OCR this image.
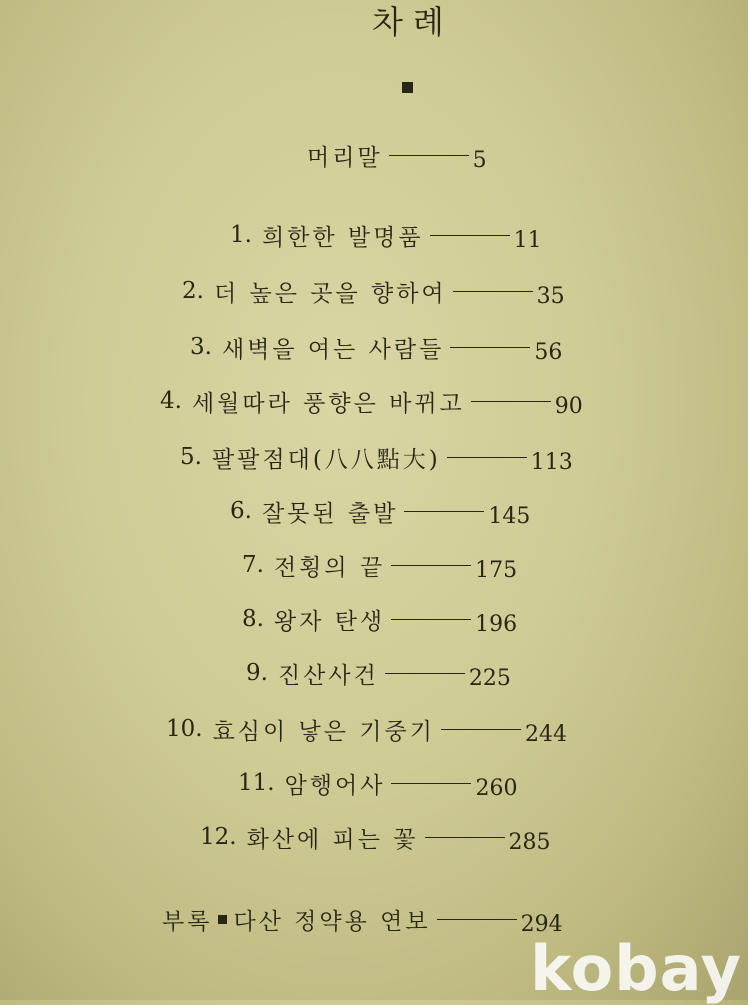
차례
머리말	5
1. 희한한 발명품	11
2. 더 높은 곳을 향하여	35
3. 새벽을 여는 사람들	56
4. 세월따라 풍향은 바뀌고	90
5. 팔팔점대(八八點大)	113
6. 잘못된 출발	145
7. 전횡의 끝	175
8. 왕자 탄생	196
9. 진산사건	225
10. 효심이 낳은 기중기	244
11. 암행어사	260
12. 화산에 피는 꽃	285
부록 다산 정약용 연보	294
kobay
